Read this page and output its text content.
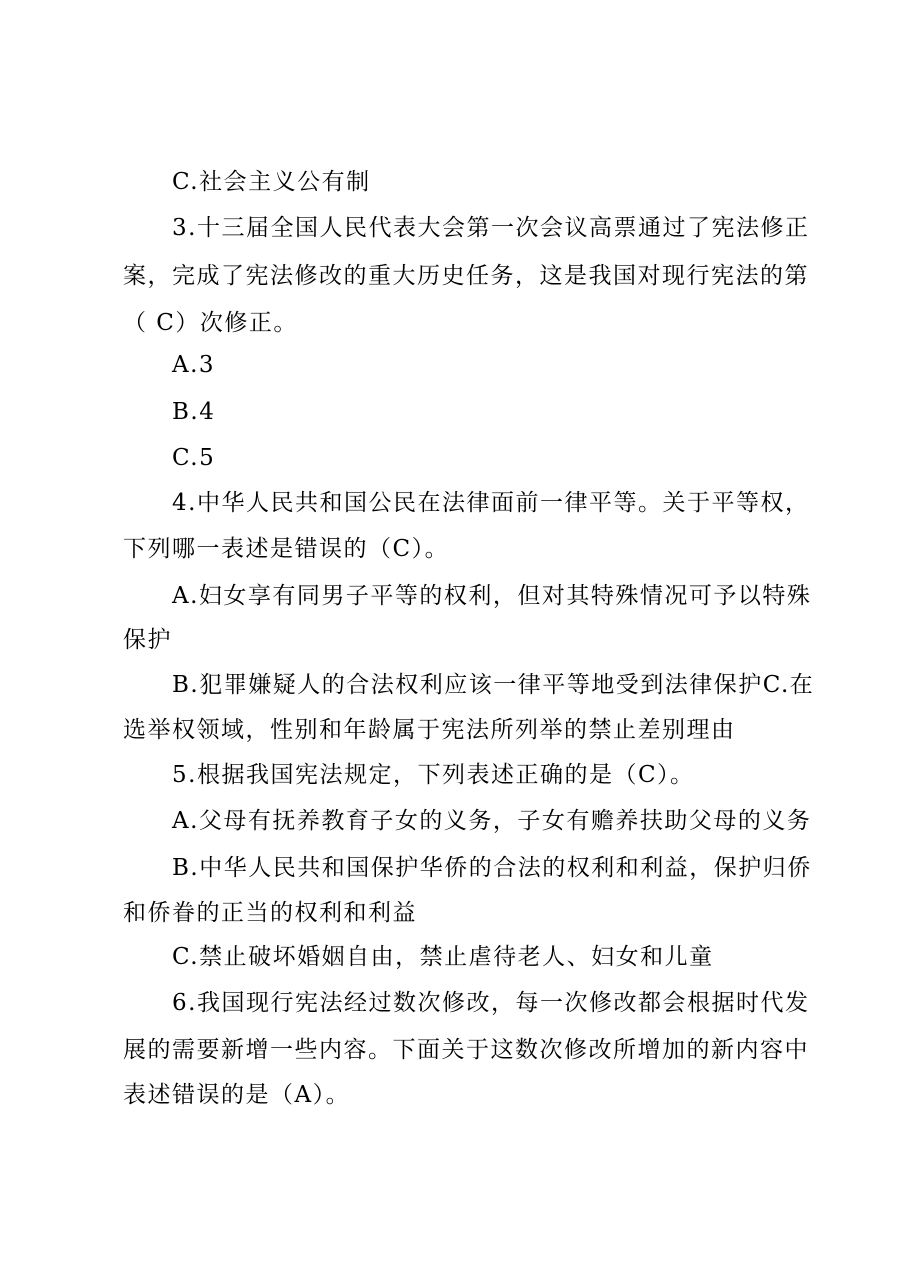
C.社会主义公有制
3.十三届全国人民代表大会第一次会议高票通过了宪法修正
案，完成了宪法修改的重大历史任务，这是我国对现行宪法的第
（ C）次修正。
A.3
B.4
C.5
4.中华人民共和国公民在法律面前一律平等。关于平等权，
下列哪一表述是错误的（C）。
A.妇女享有同男子平等的权利，但对其特殊情况可予以特殊
保护
B.犯罪嫌疑人的合法权利应该一律平等地受到法律保护C.在
选举权领域，性别和年龄属于宪法所列举的禁止差别理由
5.根据我国宪法规定，下列表述正确的是（C）。
A.父母有抚养教育子女的义务，子女有赡养扶助父母的义务
B.中华人民共和国保护华侨的合法的权利和利益，保护归侨
和侨眷的正当的权利和利益
C.禁止破坏婚姻自由，禁止虐待老人、妇女和儿童
6.我国现行宪法经过数次修改，每一次修改都会根据时代发
展的需要新增一些内容。下面关于这数次修改所增加的新内容中
表述错误的是（A）。
